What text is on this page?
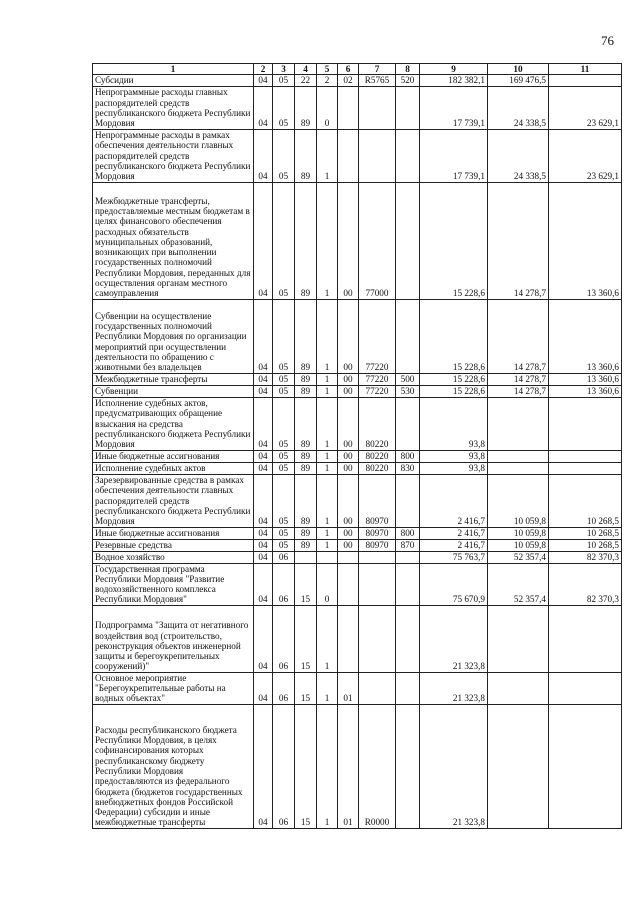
76
1	2	3	4	5	6	7	8	9	10	11
Субсидии	04	05	22	2	02	R5765	520	182 382,1	169 476,5	
Непрограммные расходы главных распорядителей средств республиканского бюджета Республики Мордовия	04	05	89	0				17 739,1	24 338,5	23 629,1
Непрограммные расходы в рамках обеспечения деятельности главных распорядителей средств республиканского бюджета Республики Мордовия	04	05	89	1				17 739,1	24 338,5	23 629,1
Межбюджетные трансферты, предоставляемые местным бюджетам в целях финансового обеспечения расходных обязательств муниципальных образований, возникающих при выполнении государственных полномочий Республики Мордовия, переданных для осуществления органам местного самоуправления	04	05	89	1	00	77000		15 228,6	14 278,7	13 360,6
Субвенции на осуществление государственных полномочий Республики Мордовия по организации мероприятий при осуществлении деятельности по обращению с животными без владельцев	04	05	89	1	00	77220		15 228,6	14 278,7	13 360,6
Межбюджетные трансферты	04	05	89	1	00	77220	500	15 228,6	14 278,7	13 360,6
Субвенции	04	05	89	1	00	77220	530	15 228,6	14 278,7	13 360,6
Исполнение судебных актов, предусматривающих обращение взыскания на средства республиканского бюджета Республики Мордовия	04	05	89	1	00	80220		93,8		
Иные бюджетные ассигнования	04	05	89	1	00	80220	800	93,8		
Исполнение судебных актов	04	05	89	1	00	80220	830	93,8		
Зарезервированные средства в рамках обеспечения деятельности главных распорядителей средств республиканского бюджета Республики Мордовия	04	05	89	1	00	80970		2 416,7	10 059,8	10 268,5
Иные бюджетные ассигнования	04	05	89	1	00	80970	800	2 416,7	10 059,8	10 268,5
Резервные средства	04	05	89	1	00	80970	870	2 416,7	10 059,8	10 268,5
Водное хозяйство	04	06						75 763,7	52 357,4	82 370,3
Государственная программа Республики Мордовия "Развитие водохозяйственного комплекса Республики Мордовия"	04	06	15	0				75 670,9	52 357,4	82 370,3
Подпрограмма "Защита от негативного воздействия вод (строительство, реконструкция объектов инженерной защиты и берегоукрепительных сооружений)"	04	06	15	1				21 323,8		
Основное мероприятие "Берегоукрепительные работы на водных объектах"	04	06	15	1	01			21 323,8		
Расходы республиканского бюджета Республики Мордовия, в целях софинансирования которых республиканскому бюджету Республики Мордовия предоставляются из федерального бюджета (бюджетов государственных внебюджетных фондов Российской Федерации) субсидии и иные межбюджетные трансферты	04	06	15	1	01	R0000		21 323,8		
